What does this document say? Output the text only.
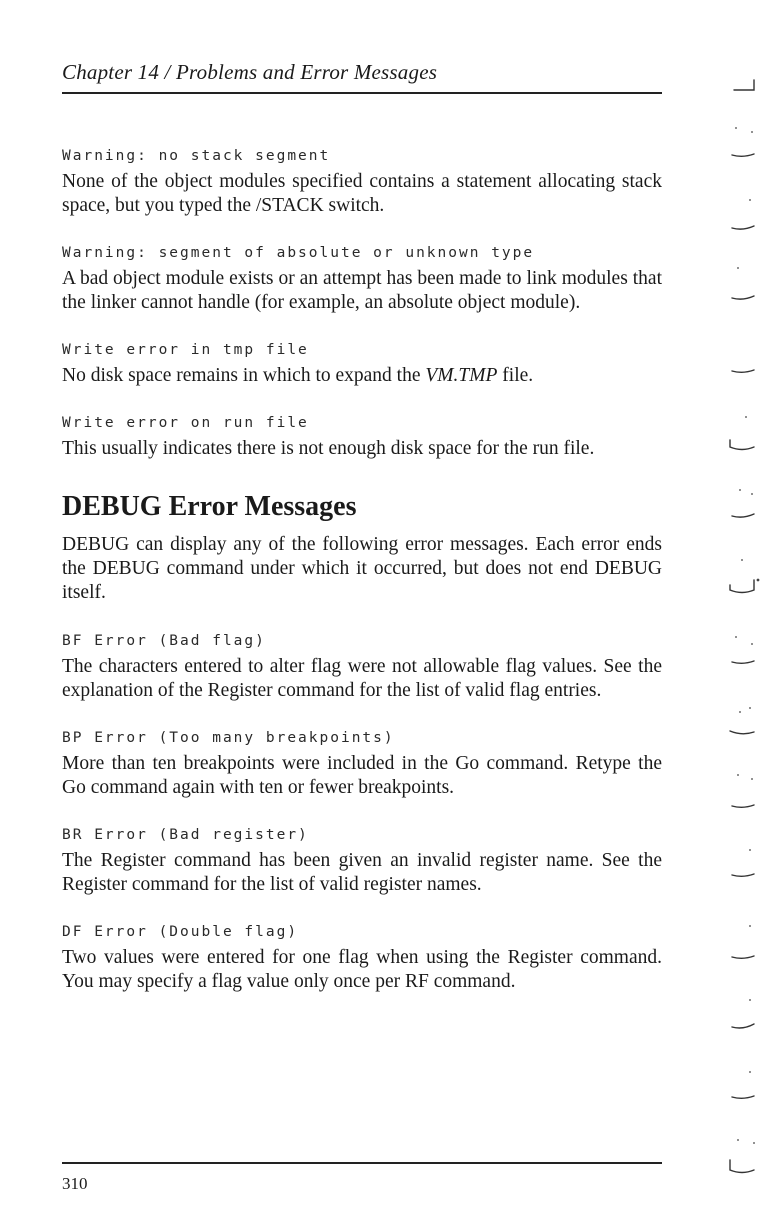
Chapter 14 / Problems and Error Messages
Warning: no stack segment

None of the object modules specified contains a statement allocating stack space, but you typed the /STACK switch.

Warning: segment of absolute or unknown type

A bad object module exists or an attempt has been made to link modules that the linker cannot handle (for example, an absolute object module).

Write error in tmp file

No disk space remains in which to expand the VM.TMP file.

Write error on run file

This usually indicates there is not enough disk space for the run file.

DEBUG Error Messages

DEBUG can display any of the following error messages. Each error ends the DEBUG command under which it occurred, but does not end DEBUG itself.

BF Error (Bad flag)

The characters entered to alter flag were not allowable flag values. See the explanation of the Register command for the list of valid flag entries.

BP Error (Too many breakpoints)

More than ten breakpoints were included in the Go command. Retype the Go command again with ten or fewer breakpoints.

BR Error (Bad register)

The Register command has been given an invalid register name. See the Register command for the list of valid register names.

DF Error (Double flag)

Two values were entered for one flag when using the Register command. You may specify a flag value only once per RF command.

310
